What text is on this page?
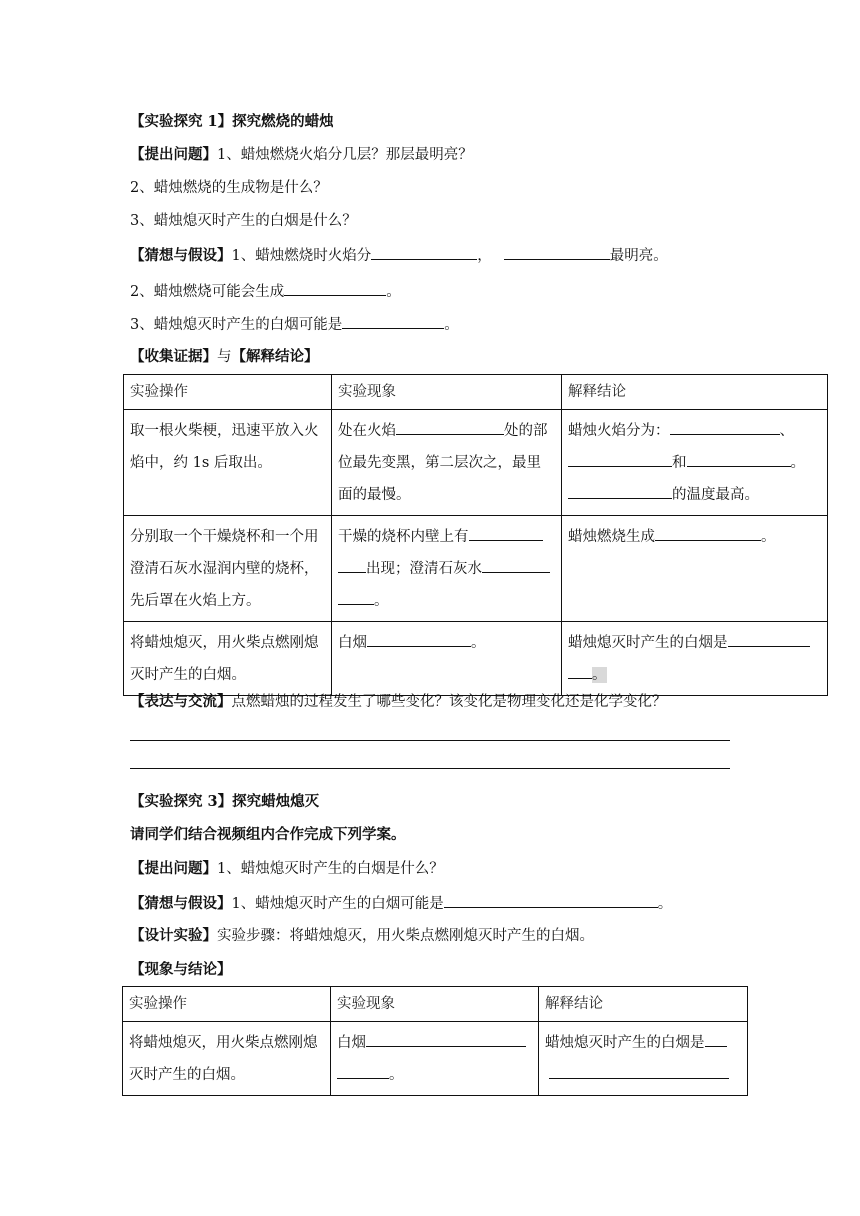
【实验探究 1】探究燃烧的蜡烛
【提出问题】1、蜡烛燃烧火焰分几层？那层最明亮？
2、蜡烛燃烧的生成物是什么？
3、蜡烛熄灭时产生的白烟是什么？
【猜想与假设】1、蜡烛燃烧时火焰分	，	最明亮。
2、蜡烛燃烧可能会生成	。
3、蜡烛熄灭时产生的白烟可能是	。
【收集证据】与【解释结论】
实验操作	实验现象	解释结论
取一根火柴梗，迅速平放入火焰中，约 1s 后取出。	处在火焰 处的部位最先变黑，第二层次之，最里面的最慢。	蜡烛火焰分为： 、和 。的温度最高。
分别取一个干燥烧杯和一个用澄清石灰水湿润内壁的烧杯，先后罩在火焰上方。	干燥的烧杯内壁上有出现；澄清石灰水。	蜡烛燃烧生成 。
将蜡烛熄灭，用火柴点燃刚熄灭时产生的白烟。	白烟 。	蜡烛熄灭时产生的白烟是。
【表达与交流】点燃蜡烛的过程发生了哪些变化？该变化是物理变化还是化学变化？
【实验探究 3】探究蜡烛熄灭
请同学们结合视频组内合作完成下列学案。
【提出问题】1、蜡烛熄灭时产生的白烟是什么？
【猜想与假设】1、蜡烛熄灭时产生的白烟可能是	。
【设计实验】实验步骤：将蜡烛熄灭，用火柴点燃刚熄灭时产生的白烟。
【现象与结论】
实验操作	实验现象	解释结论
将蜡烛熄灭，用火柴点燃刚熄灭时产生的白烟。	白烟。	蜡烛熄灭时产生的白烟是
